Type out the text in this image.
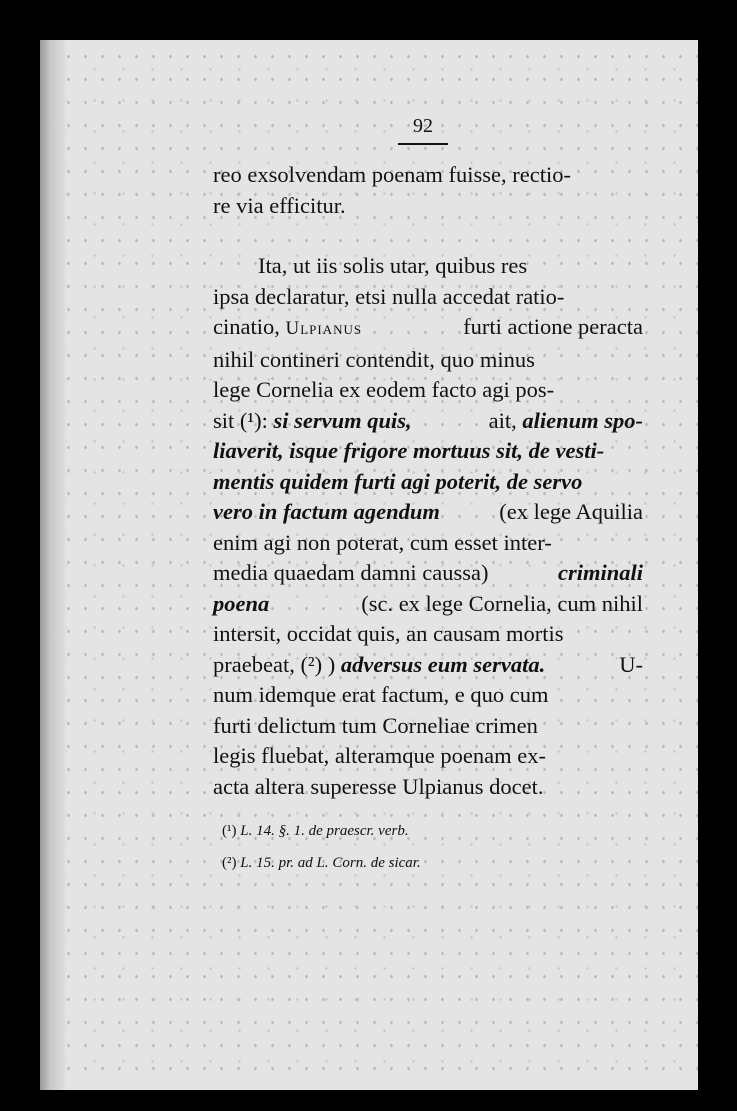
92
reo exsolvendam poenam fuisse, rectio-
re via efficitur.
Ita, ut iis solis utar, quibus res
ipsa declaratur, etsi nulla accedat ratio-
cinatio, Ulpianus	furti actione peracta
nihil contineri contendit, quo minus
lege Cornelia ex eodem facto agi pos-
sit (¹): si servum quis,	ait, alienum spo-
liaverit, isque frigore mortuus sit, de vesti-
mentis quidem furti agi poterit, de servo
vero in factum agendum	(ex lege Aquilia
enim agi non poterat, cum esset inter-
media quaedam damni caussa)	criminali
poena	(sc. ex lege Cornelia, cum nihil
intersit, occidat quis, an causam mortis
praebeat, (²) ) adversus eum servata.	U-
num idemque erat factum, e quo cum
furti delictum tum Corneliae crimen
legis fluebat, alteramque poenam ex-
acta altera superesse Ulpianus docet.
(¹) L. 14. §. 1. de praescr. verb.
(²) L. 15. pr. ad L. Corn. de sicar.
